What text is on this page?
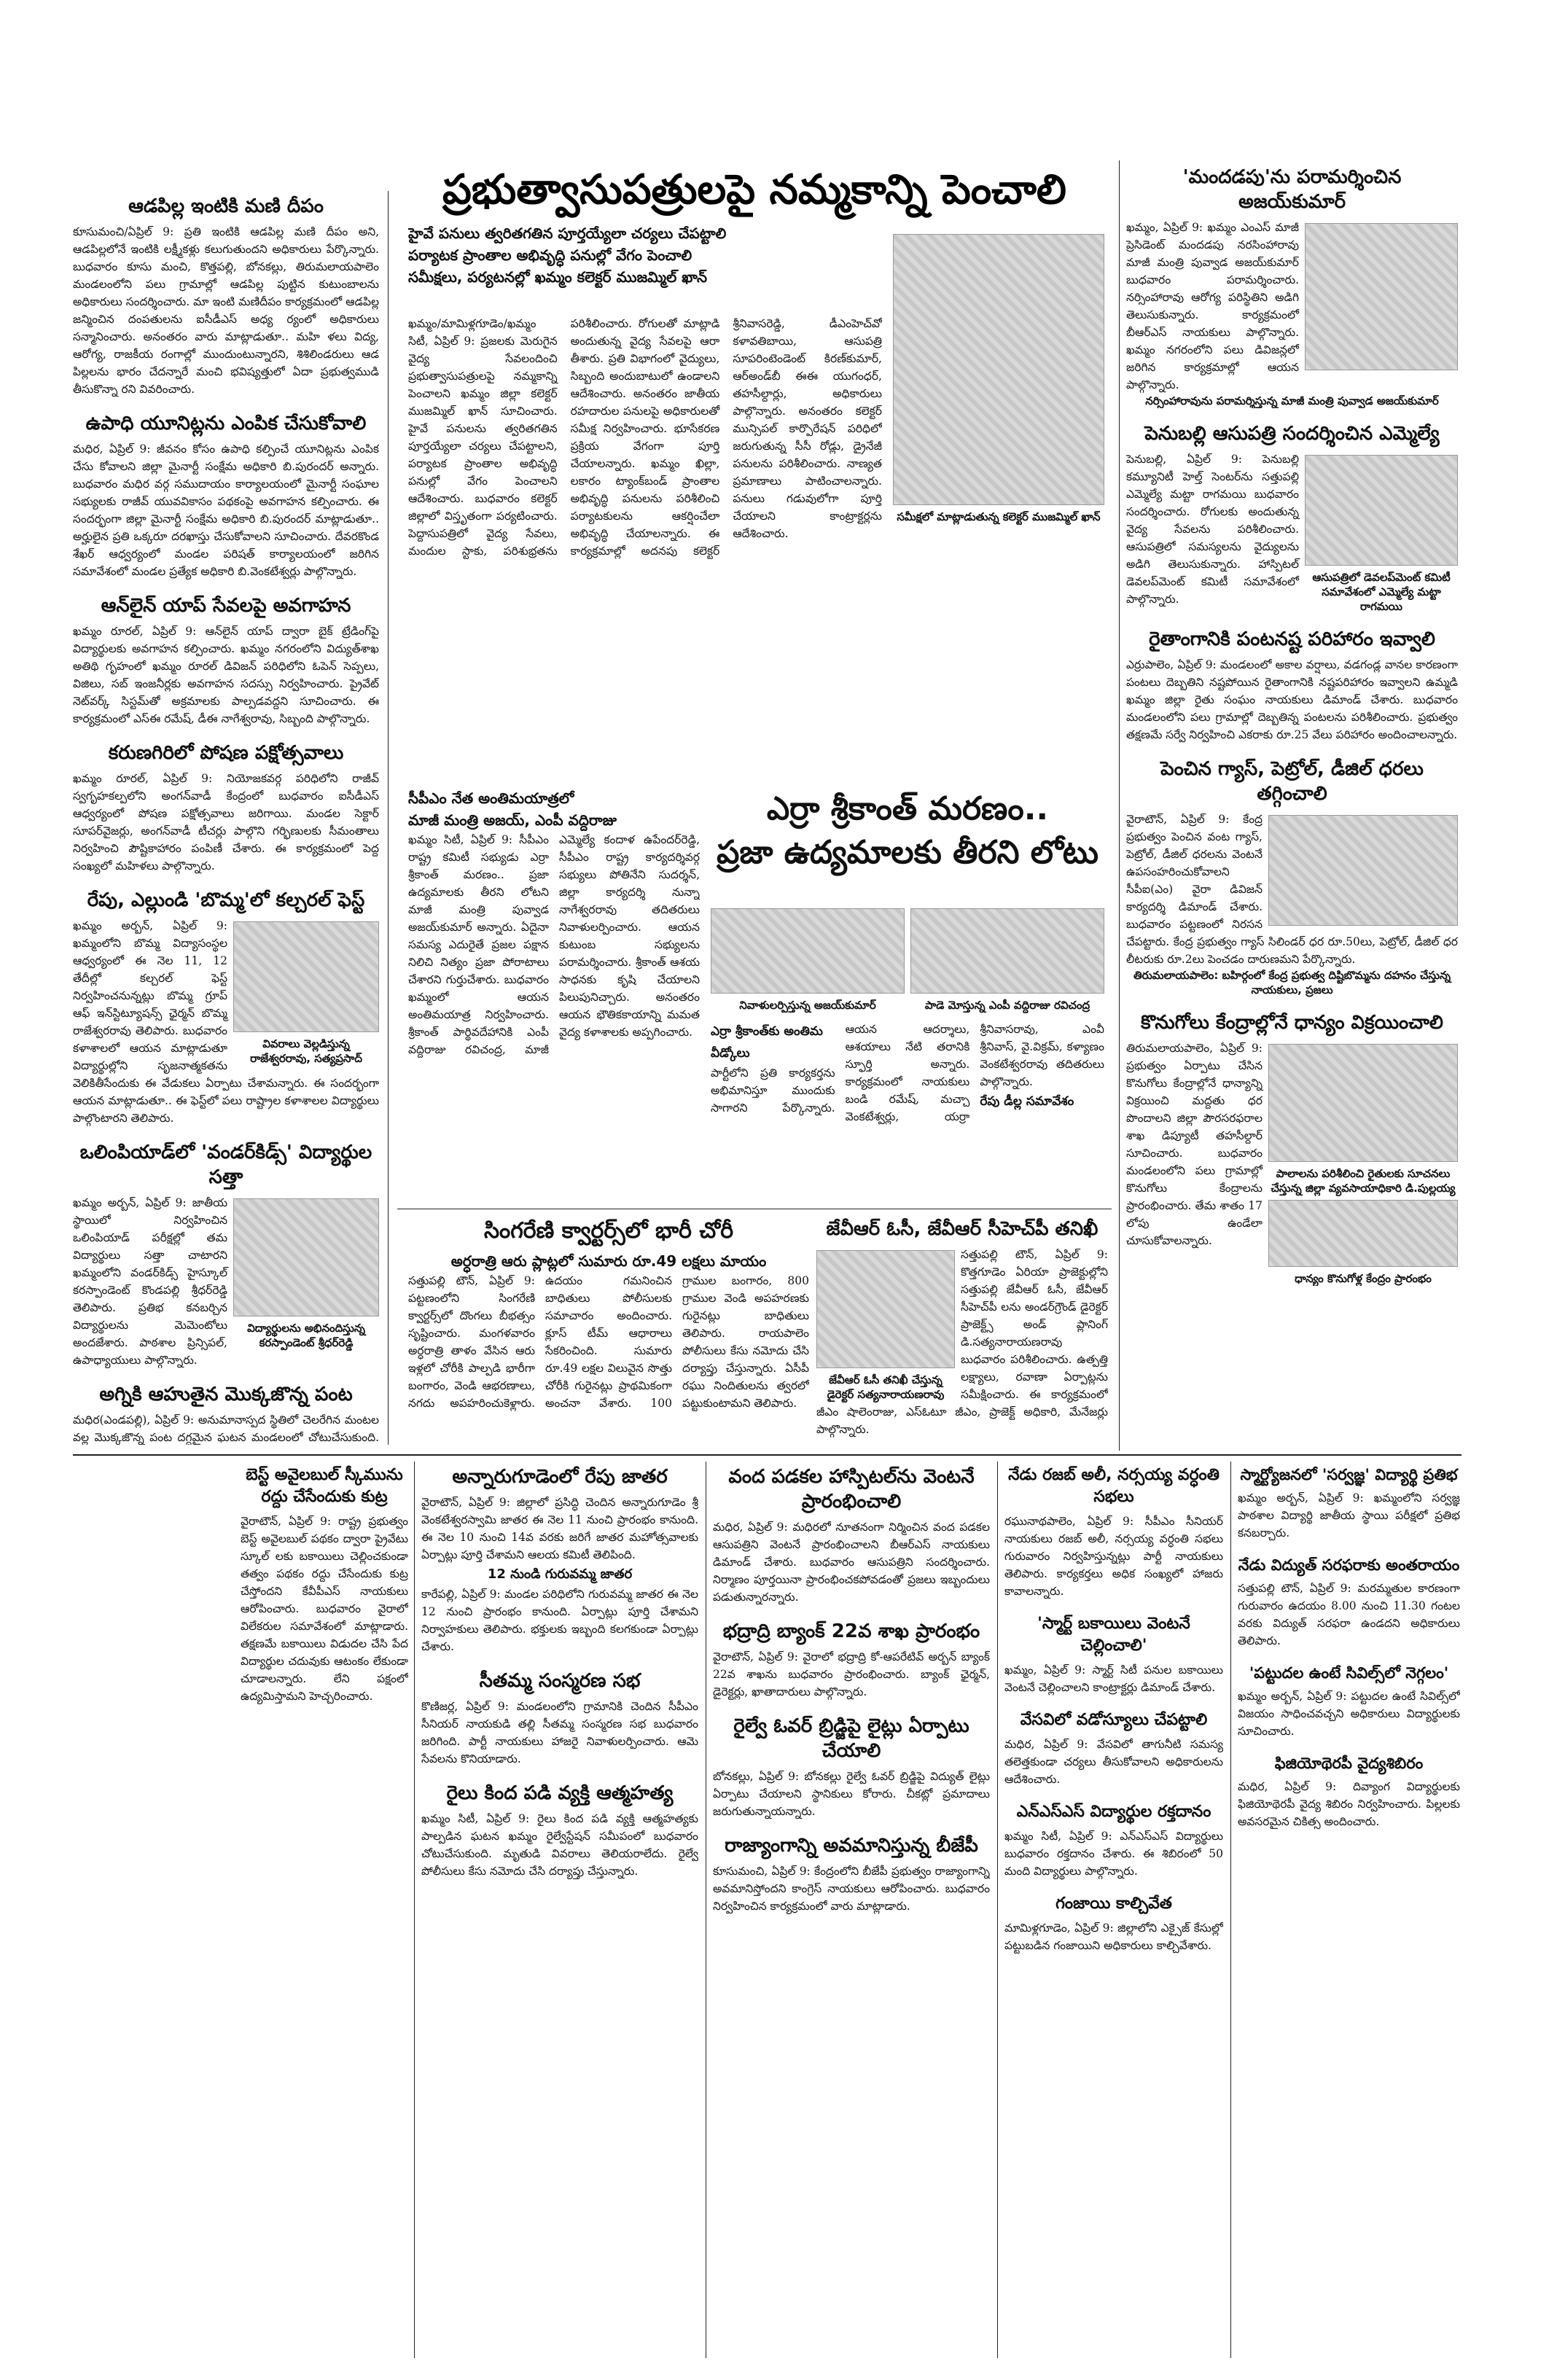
ఆడపిల్ల ఇంటికి మణి దీపం
కూసుమంచి/ఏప్రిల్ 9: ప్రతి ఇంటికి ఆడపిల్ల మణి దీపం అని, ఆడపిల్లలోనే ఇంటికి లక్ష్మీకళ్లు కలుగుతుందని అధికారులు పేర్కొన్నారు. బుధవారం కూసు మంచి, కొత్తపల్లి, బోనకల్లు, తిరుమలాయపాలెం మండలంలోని పలు గ్రామాల్లో ఆడపిల్ల పుట్టిన కుటుంబాలను అధికారులు సందర్శించారు. మా ఇంటి మణిదీపం కార్యక్రమంలో ఆడపిల్ల జన్మించిన దంపతులను ఐసీడీఎస్ అధ్య ర్యంలో అధికారులు సన్మానించారు. అనంతరం వారు మాట్లాడుతూ.. మహి ళలు విద్య, ఆరోగ్య, రాజకీయ రంగాల్లో ముందుంటున్నారని, శిశిలిండరులు ఆడ పిల్లలను భారం చేదన్నారే మంచి భవిష్యత్తులో ఏదా ప్రభుత్వముడి తీసుకొన్నా రని వివరించారు.
ఉపాధి యూనిట్లను ఎంపిక చేసుకోవాలి
మధిర, ఏప్రిల్ 9: జీవనం కోసం ఉపాధి కల్పించే యూనిట్లను ఎంపిక చేసు కోవాలని జిల్లా మైనార్టీ సంక్షేమ అధికారి బి.పురందర్ అన్నారు. బుధవారం మధిర వర్గ సముదాయం కార్యాలయంలో మైనార్టీ సంఘాల సభ్యులకు రాజీవ్ యువవికాసం పథకంపై అవగాహన కల్పించారు. ఈ సందర్భంగా జిల్లా మైనార్టీ సంక్షేమ అధికారి బి.పురందర్ మాట్లాడుతూ.. అర్హులైన ప్రతి ఒక్కరూ దరఖాస్తు చేసుకోవాలని సూచించారు. దేవరకొండ శేఖర్ ఆధ్వర్యంలో మండల పరిషత్ కార్యాలయంలో జరిగిన సమావేశంలో మండల ప్రత్యేక అధికారి బి.వెంకటేశ్వర్లు పాల్గొన్నారు.
ఆన్‌లైన్ యాప్ సేవలపై అవగాహన
ఖమ్మం రూరల్, ఏప్రిల్ 9: ఆన్‌లైన్ యాప్ ద్వారా బైక్ ట్రేడింగ్‌పై విద్యార్థులకు అవగాహన కల్పించారు. ఖమ్మం నగరంలోని విద్యుత్‌శాఖ అతిథి గృహంలో ఖమ్మం రూరల్ డివిజన్ పరిధిలోని ఓపెన్ సెప్పలు, విజిలు, సబ్ ఇంజనీర్లకు అవగాహన సదస్సు నిర్వహించారు. ప్రైవేట్ నెట్‌వర్క్ సిస్టమ్‌తో అక్రమాలకు పాల్పడవద్దని సూచించారు. ఈ కార్యక్రమంలో ఎస్ఈ రమేష్, డీఈ నాగేశ్వరావు, సిబ్బంది పాల్గొన్నారు.
కరుణగిరిలో పోషణ పక్షోత్సవాలు
ఖమ్మం రూరల్, ఏప్రిల్ 9: నియోజకవర్గ పరిధిలోని రాజీవ్ స్వగృహకల్పలోని అంగన్‌వాడీ కేంద్రంలో బుధవారం ఐసీడీఎస్ ఆధ్వర్యంలో పోషణ పక్షోత్సవాలు జరిగాయి. మండల సెక్టార్ సూపర్‌వైజర్లు, అంగన్‌వాడీ టీచర్లు పాల్గొని గర్భిణులకు సీమంతాలు నిర్వహించి పౌష్టికాహారం పంపిణీ చేశారు. ఈ కార్యక్రమంలో పెద్ద సంఖ్యలో మహిళలు పాల్గొన్నారు.
రేపు, ఎల్లుండి 'బొమ్మ'లో కల్చరల్ ఫెస్ట్
వివరాలు వెల్లడిస్తున్న రాజేశ్వరరావు, సత్యప్రసాద్
ఖమ్మం అర్బన్, ఏప్రిల్ 9: ఖమ్మంలోని బొమ్మ విద్యాసంస్థల ఆధ్వర్యంలో ఈ నెల 11, 12 తేదీల్లో కల్చరల్ ఫెస్ట్ నిర్వహించనున్నట్లు బొమ్మ గ్రూప్ ఆఫ్ ఇన్‌స్టిట్యూషన్స్ ఛైర్మన్ బొమ్మ రాజేశ్వరరావు తెలిపారు. బుధవారం కళాశాలలో ఆయన మాట్లాడుతూ విద్యార్థుల్లోని సృజనాత్మకతను వెలికితీసేందుకు ఈ వేడుకలు ఏర్పాటు చేశామన్నారు. ఈ సందర్భంగా ఆయన మాట్లాడుతూ.. ఈ ఫెస్ట్‌లో పలు రాష్ట్రాల కళాశాలల విద్యార్థులు పాల్గొంటారని తెలిపారు.
ఒలింపియాడ్‌లో 'వండర్‌కిడ్స్' విద్యార్థుల సత్తా
విద్యార్థులను అభినందిస్తున్న కరస్పాండెంట్ శ్రీధర్‌రెడ్డి
ఖమ్మం అర్బన్, ఏప్రిల్ 9: జాతీయ స్థాయిలో నిర్వహించిన ఒలింపియాడ్ పరీక్షల్లో తమ విద్యార్థులు సత్తా చాటారని ఖమ్మంలోని వండర్‌కిడ్స్ హైస్కూల్ కరస్పాండెంట్ కొండపల్లి శ్రీధర్‌రెడ్డి తెలిపారు. ప్రతిభ కనబర్చిన విద్యార్థులను మెమెంటోలు అందజేశారు. పాఠశాల ప్రిన్సిపల్, ఉపాధ్యాయులు పాల్గొన్నారు.
అగ్నికి ఆహుతైన మొక్కజొన్న పంట
మధిర(ఎండపల్లి), ఏప్రిల్ 9: అనుమానాస్పద స్థితిలో చెలరేగిన మంటల వల్ల మొక్కజొన్న పంట దగ్ధమైన ఘటన మండలంలో చోటుచేసుకుంది.
ప్రభుత్వాసుపత్రులపై నమ్మకాన్ని పెంచాలి
హైవే పనులు త్వరితగతిన పూర్తయ్యేలా చర్యలు చేపట్టాలి
పర్యాటక ప్రాంతాల అభివృద్ధి పనుల్లో వేగం పెంచాలి
సమీక్షలు, పర్యటనల్లో ఖమ్మం కలెక్టర్ ముజమ్మిల్ ఖాన్
ఖమ్మం/మామిళ్లగూడెం/ఖమ్మం సిటీ, ఏప్రిల్ 9: ప్రజలకు మెరుగైన వైద్య సేవలందించి ప్రభుత్వాసుపత్రులపై నమ్మకాన్ని పెంచాలని ఖమ్మం జిల్లా కలెక్టర్ ముజమ్మిల్ ఖాన్ సూచించారు. హైవే పనులను త్వరితగతిన పూర్తయ్యేలా చర్యలు చేపట్టాలని, పర్యాటక ప్రాంతాల అభివృద్ధి పనుల్లో వేగం పెంచాలని ఆదేశించారు. బుధవారం కలెక్టర్ జిల్లాలో విస్తృతంగా పర్యటించారు. పెద్దాసుపత్రిలో వైద్య సేవలు, మందుల స్టాకు, పరిశుభ్రతను పరిశీలించారు. రోగులతో మాట్లాడి అందుతున్న వైద్య సేవలపై ఆరా తీశారు. ప్రతి విభాగంలో వైద్యులు, సిబ్బంది అందుబాటులో ఉండాలని ఆదేశించారు. అనంతరం జాతీయ రహదారుల పనులపై అధికారులతో సమీక్ష నిర్వహించారు. భూసేకరణ ప్రక్రియ వేగంగా పూర్తి చేయాలన్నారు. ఖమ్మం ఖిల్లా, లకారం ట్యాంక్‌బండ్ ప్రాంతాల అభివృద్ధి పనులను పరిశీలించి పర్యాటకులను ఆకర్షించేలా అభివృద్ధి చేయాలన్నారు. ఈ కార్యక్రమాల్లో అదనపు కలెక్టర్ శ్రీనివాసరెడ్డి, డీఎంహెచ్‌వో కళావతిబాయి, ఆసుపత్రి సూపరింటెండెంట్ కిరణ్‌కుమార్, ఆర్‌అండ్‌బీ ఈఈ యుగంధర్, తహసీల్దార్లు, అధికారులు పాల్గొన్నారు. అనంతరం కలెక్టర్ మున్సిపల్ కార్పొరేషన్ పరిధిలో జరుగుతున్న సీసీ రోడ్లు, డ్రైనేజీ పనులను పరిశీలించారు. నాణ్యత ప్రమాణాలు పాటించాలన్నారు. పనులు గడువులోగా పూర్తి చేయాలని కాంట్రాక్టర్లను ఆదేశించారు.
సమీక్షలో మాట్లాడుతున్న కలెక్టర్ ముజమ్మిల్ ఖాన్
సీపీఎం నేత అంతిమయాత్రలో
మాజీ మంత్రి అజయ్, ఎంపీ వద్దిరాజు
ఖమ్మం సిటీ, ఏప్రిల్ 9: సీపీఎం రాష్ట్ర కమిటీ సభ్యుడు ఎర్రా శ్రీకాంత్ మరణం.. ప్రజా ఉద్యమాలకు తీరని లోటని మాజీ మంత్రి పువ్వాడ అజయ్‌కుమార్ అన్నారు. ఏదైనా సమస్య ఎదురైతే ప్రజల పక్షాన నిలిచి నిత్యం ప్రజా పోరాటాలు చేశారని గుర్తుచేశారు. బుధవారం ఖమ్మంలో ఆయన అంతిమయాత్ర నిర్వహించారు. శ్రీకాంత్ పార్థివదేహానికి ఎంపీ వద్దిరాజు రవిచంద్ర, మాజీ ఎమ్మెల్యే కందాళ ఉపేందర్‌రెడ్డి, సీపీఎం రాష్ట్ర కార్యదర్శివర్గ సభ్యులు పోతినేని సుదర్శన్, జిల్లా కార్యదర్శి నున్నా నాగేశ్వరరావు తదితరులు నివాళులర్పించారు. ఆయన కుటుంబ సభ్యులను పరామర్శించారు. శ్రీకాంత్ ఆశయ సాధనకు కృషి చేయాలని పిలుపునిచ్చారు. అనంతరం ఆయన భౌతికకాయాన్ని మమత వైద్య కళాశాలకు అప్పగించారు.
ఎర్రా శ్రీకాంత్ మరణం..
ప్రజా ఉద్యమాలకు తీరని లోటు
నివాళులర్పిస్తున్న అజయ్‌కుమార్	పాడె మోస్తున్న ఎంపీ వద్దిరాజు రవిచంద్ర
ఎర్రా శ్రీకాంత్‌కు అంతిమ వీడ్కోలు
పార్టీలోని ప్రతి కార్యకర్తను అభిమానిస్తూ ముందుకు సాగారని పేర్కొన్నారు. ఆయన ఆదర్శాలు, ఆశయాలు నేటి తరానికి స్ఫూర్తి అన్నారు. కార్యక్రమంలో నాయకులు బండి రమేష్, మచ్చా వెంకటేశ్వర్లు, యర్రా శ్రీనివాసరావు, ఎంవీ శ్రీనివాస్, వై.విక్రమ్, కళ్యాణం వెంకటేశ్వరరావు తదితరులు పాల్గొన్నారు.
రేపు డీల్ల సమావేశం
సింగరేణి క్వార్టర్స్‌లో భారీ చోరీ
అర్ధరాత్రి ఆరు ప్లాట్లలో సుమారు రూ.49 లక్షలు మాయం
సత్తుపల్లి టౌన్, ఏప్రిల్ 9: పట్టణంలోని సింగరేణి క్వార్టర్స్‌లో దొంగలు బీభత్సం సృష్టించారు. మంగళవారం అర్ధరాత్రి తాళం వేసిన ఆరు ఇళ్లలో చోరీకి పాల్పడి భారీగా బంగారం, వెండి ఆభరణాలు, నగదు అపహరించుకెళ్లారు. ఉదయం గమనించిన బాధితులు పోలీసులకు సమాచారం అందించారు. క్లూస్ టీమ్ ఆధారాలు సేకరించింది. సుమారు రూ.49 లక్షల విలువైన సొత్తు చోరీకి గురైనట్లు ప్రాథమికంగా అంచనా వేశారు. 100 గ్రాముల బంగారం, 800 గ్రాముల వెండి అపహరణకు గురైనట్లు బాధితులు తెలిపారు. రాయపాలెం పోలీసులు కేసు నమోదు చేసి దర్యాప్తు చేస్తున్నారు. ఏసీపీ రఘు నిందితులను త్వరలో పట్టుకుంటామని తెలిపారు.
జేవీఆర్ ఓసీ, జేవీఆర్ సీహెచ్‌పీ తనిఖీ
జేవీఆర్ ఓసీ తనిఖీ చేస్తున్న డైరెక్టర్ సత్యనారాయణరావు
సత్తుపల్లి టౌన్, ఏప్రిల్ 9: కొత్తగూడెం ఏరియా ప్రాజెక్టుల్లోని సత్తుపల్లి జేవీఆర్ ఓసీ, జేవీఆర్ సీహెచ్‌పీ లను అండర్‌గ్రౌండ్ డైరెక్టర్ ప్రాజెక్ట్స్ అండ్ ప్లానింగ్ డి.సత్యనారాయణరావు బుధవారం పరిశీలించారు. ఉత్పత్తి లక్ష్యాలు, రవాణా ఏర్పాట్లను సమీక్షించారు. ఈ కార్యక్రమంలో జీఎం షాలెంరాజు, ఎస్‌ఓటూ జీఎం, ప్రాజెక్ట్ అధికారి, మేనేజర్లు పాల్గొన్నారు.
'మందడపు'ను పరామర్శించిన అజయ్‌కుమార్
ఖమ్మం, ఏప్రిల్ 9: ఖమ్మం ఎంఎస్ మాజీ ప్రెసిడెంట్ మందడపు నరసింహారావు మాజీ మంత్రి పువ్వాడ అజయ్‌కుమార్ బుధవారం పరామర్శించారు. నర్సింహారావు ఆరోగ్య పరిస్థితిని అడిగి తెలుసుకున్నారు. కార్యక్రమంలో బీఆర్ఎస్ నాయకులు పాల్గొన్నారు. ఖమ్మం నగరంలోని పలు డివిజన్లలో జరిగిన కార్యక్రమాల్లో ఆయన పాల్గొన్నారు.
నర్సింహారావును పరామర్శిస్తున్న మాజీ మంత్రి పువ్వాడ అజయ్‌కుమార్
పెనుబల్లి ఆసుపత్రి సందర్శించిన ఎమ్మెల్యే
ఆసుపత్రిలో డెవలప్‌మెంట్ కమిటీ సమావేశంలో ఎమ్మెల్యే మట్టా రాగమయి
పెనుబల్లి, ఏప్రిల్ 9: పెనుబల్లి కమ్యూనిటీ హెల్త్ సెంటర్‌ను సత్తుపల్లి ఎమ్మెల్యే మట్టా రాగమయి బుధవారం సందర్శించారు. రోగులకు అందుతున్న వైద్య సేవలను పరిశీలించారు. ఆసుపత్రిలో సమస్యలను వైద్యులను అడిగి తెలుసుకున్నారు. హాస్పిటల్ డెవలప్‌మెంట్ కమిటీ సమావేశంలో పాల్గొన్నారు.
రైతాంగానికి పంటనష్ట పరిహారం ఇవ్వాలి
ఎర్రుపాలెం, ఏప్రిల్ 9: మండలంలో అకాల వర్షాలు, వడగండ్ల వానల కారణంగా పంటలు దెబ్బతిని నష్టపోయిన రైతాంగానికి నష్టపరిహారం ఇవ్వాలని ఉమ్మడి ఖమ్మం జిల్లా రైతు సంఘం నాయకులు డిమాండ్ చేశారు. బుధవారం మండలంలోని పలు గ్రామాల్లో దెబ్బతిన్న పంటలను పరిశీలించారు. ప్రభుత్వం తక్షణమే సర్వే నిర్వహించి ఎకరాకు రూ.25 వేలు పరిహారం అందించాలన్నారు.
పెంచిన గ్యాస్, పెట్రోల్, డీజిల్ ధరలు తగ్గించాలి
వైరాటౌన్, ఏప్రిల్ 9: కేంద్ర ప్రభుత్వం పెంచిన వంట గ్యాస్, పెట్రోల్, డీజిల్ ధరలను వెంటనే ఉపసంహరించుకోవాలని సీపీఐ(ఎం) వైరా డివిజన్ కార్యదర్శి డిమాండ్ చేశారు. బుధవారం పట్టణంలో నిరసన చేపట్టారు. కేంద్ర ప్రభుత్వం గ్యాస్ సిలిండర్ ధర రూ.50లు, పెట్రోల్, డీజిల్ ధర లీటరుకు రూ.2లు పెంచడం దారుణమని పేర్కొన్నారు.
తిరుమలాయపాలెం: బహిర్గంలో కేంద్ర ప్రభుత్వ దిష్టిబొమ్మను దహనం చేస్తున్న నాయకులు, ప్రజలు
కొనుగోలు కేంద్రాల్లోనే ధాన్యం విక్రయించాలి
పాలాలను పరిశీలించి రైతులకు సూచనలు చేస్తున్న జిల్లా వ్యవసాయాధికారి డి.పుల్లయ్య
ధాన్యం కొనుగోళ్ల కేంద్రం ప్రారంభం
తిరుమలాయపాలెం, ఏప్రిల్ 9: ప్రభుత్వం ఏర్పాటు చేసిన కొనుగోలు కేంద్రాల్లోనే ధాన్యాన్ని విక్రయించి మద్దతు ధర పొందాలని జిల్లా పౌరసరఫరాల శాఖ డిప్యూటీ తహసీల్దార్ సూచించారు. బుధవారం మండలంలోని పలు గ్రామాల్లో కొనుగోలు కేంద్రాలను ప్రారంభించారు. తేమ శాతం 17 లోపు ఉండేలా చూసుకోవాలన్నారు.
బెస్ట్ అవైలబుల్ స్కీమును రద్దు చేసేందుకు కుట్ర
వైరాటౌన్, ఏప్రిల్ 9: రాష్ట్ర ప్రభుత్వం బెస్ట్ అవైలబుల్ పథకం ద్వారా ప్రైవేటు స్కూల్ లకు బకాయిలు చెల్లించకుండా తత్వం పథకం రద్దు చేసేందుకు కుట్ర చేస్తోందని కేవీపీఎస్ నాయకులు ఆరోపించారు. బుధవారం వైరాలో విలేకరుల సమావేశంలో మాట్లాడారు. తక్షణమే బకాయిలు విడుదల చేసి పేద విద్యార్థుల చదువుకు ఆటంకం లేకుండా చూడాలన్నారు. లేని పక్షంలో ఉద్యమిస్తామని హెచ్చరించారు.
అన్నారుగూడెంలో రేపు జాతర
వైరాటౌన్, ఏప్రిల్ 9: జిల్లాలో ప్రసిద్ధి చెందిన అన్నారుగూడెం శ్రీ వెంకటేశ్వరస్వామి జాతర ఈ నెల 11 నుంచి ప్రారంభం కానుంది. ఈ నెల 10 నుంచి 14వ వరకు జరిగే జాతర మహోత్సవాలకు ఏర్పాట్లు పూర్తి చేశామని ఆలయ కమిటీ తెలిపింది.
12 నుండి గురువమ్మ జాతర
కారేపల్లి, ఏప్రిల్ 9: మండల పరిధిలోని గురువమ్మ జాతర ఈ నెల 12 నుంచి ప్రారంభం కానుంది. ఏర్పాట్లు పూర్తి చేశామని నిర్వాహకులు తెలిపారు. భక్తులకు ఇబ్బంది కలగకుండా ఏర్పాట్లు చేశారు.
సీతమ్మ సంస్మరణ సభ
కొణిజర్ల, ఏప్రిల్ 9: మండలంలోని గ్రామానికి చెందిన సీపీఎం సీనియర్ నాయకుడి తల్లి సీతమ్మ సంస్మరణ సభ బుధవారం జరిగింది. పార్టీ నాయకులు హాజరై నివాళులర్పించారు. ఆమె సేవలను కొనియాడారు.
రైలు కింద పడి వ్యక్తి ఆత్మహత్య
ఖమ్మం సిటీ, ఏప్రిల్ 9: రైలు కింద పడి వ్యక్తి ఆత్మహత్యకు పాల్పడిన ఘటన ఖమ్మం రైల్వేస్టేషన్ సమీపంలో బుధవారం చోటుచేసుకుంది. మృతుడి వివరాలు తెలియరాలేదు. రైల్వే పోలీసులు కేసు నమోదు చేసి దర్యాప్తు చేస్తున్నారు.
వంద పడకల హాస్పిటల్‌ను వెంటనే ప్రారంభించాలి
మధిర, ఏప్రిల్ 9: మధిరలో నూతనంగా నిర్మించిన వంద పడకల ఆసుపత్రిని వెంటనే ప్రారంభించాలని బీఆర్ఎస్ నాయకులు డిమాండ్ చేశారు. బుధవారం ఆసుపత్రిని సందర్శించారు. నిర్మాణం పూర్తయినా ప్రారంభించకపోవడంతో ప్రజలు ఇబ్బందులు పడుతున్నారన్నారు.
భద్రాద్రి బ్యాంక్ 22వ శాఖ ప్రారంభం
వైరాటౌన్, ఏప్రిల్ 9: వైరాలో భద్రాద్రి కో-ఆపరేటివ్ అర్బన్ బ్యాంక్ 22వ శాఖను బుధవారం ప్రారంభించారు. బ్యాంక్ ఛైర్మన్, డైరెక్టర్లు, ఖాతాదారులు పాల్గొన్నారు.
రైల్వే ఓవర్ బ్రిడ్జిపై లైట్లు ఏర్పాటు చేయాలి
బోనకల్లు, ఏప్రిల్ 9: బోనకల్లు రైల్వే ఓవర్ బ్రిడ్జిపై విద్యుత్ లైట్లు ఏర్పాటు చేయాలని స్థానికులు కోరారు. చీకట్లో ప్రమాదాలు జరుగుతున్నాయన్నారు.
రాజ్యాంగాన్ని అవమానిస్తున్న బీజేపీ
కూసుమంచి, ఏప్రిల్ 9: కేంద్రంలోని బీజేపీ ప్రభుత్వం రాజ్యాంగాన్ని అవమానిస్తోందని కాంగ్రెస్ నాయకులు ఆరోపించారు. బుధవారం నిర్వహించిన కార్యక్రమంలో వారు మాట్లాడారు.
నేడు రజబ్ అలీ, నర్సయ్య వర్ధంతి సభలు
రఘునాథపాలెం, ఏప్రిల్ 9: సీపీఎం సీనియర్ నాయకులు రజబ్ అలీ, నర్సయ్య వర్ధంతి సభలు గురువారం నిర్వహిస్తున్నట్లు పార్టీ నాయకులు తెలిపారు. కార్యకర్తలు అధిక సంఖ్యలో హాజరు కావాలన్నారు.
'స్మార్ట్ బకాయిలు వెంటనే చెల్లించాలి'
ఖమ్మం, ఏప్రిల్ 9: స్మార్ట్ సిటీ పనుల బకాయిలు వెంటనే చెల్లించాలని కాంట్రాక్టర్లు డిమాండ్ చేశారు.
వేసవిలో వడోస్యూలు చేపట్టాలి
మధిర, ఏప్రిల్ 9: వేసవిలో తాగునీటి సమస్య తలెత్తకుండా చర్యలు తీసుకోవాలని అధికారులను ఆదేశించారు.
ఎన్ఎస్ఎస్ విద్యార్థుల రక్తదానం
ఖమ్మం సిటీ, ఏప్రిల్ 9: ఎన్ఎస్ఎస్ విద్యార్థులు బుధవారం రక్తదానం చేశారు. ఈ శిబిరంలో 50 మంది విద్యార్థులు పాల్గొన్నారు.
గంజాయి కాల్చివేత
మామిళ్లగూడెం, ఏప్రిల్ 9: జిల్లాలోని ఎక్సైజ్ కేసుల్లో పట్టుబడిన గంజాయిని అధికారులు కాల్చివేశారు.
స్మార్ట్యోజనలో 'సర్వజ్ఞ' విద్యార్థి ప్రతిభ
ఖమ్మం అర్బన్, ఏప్రిల్ 9: ఖమ్మంలోని సర్వజ్ఞ పాఠశాల విద్యార్థి జాతీయ స్థాయి పరీక్షలో ప్రతిభ కనబర్చారు.
నేడు విద్యుత్ సరఫరాకు అంతరాయం
సత్తుపల్లి టౌన్, ఏప్రిల్ 9: మరమ్మతుల కారణంగా గురువారం ఉదయం 8.00 నుంచి 11.30 గంటల వరకు విద్యుత్ సరఫరా ఉండదని అధికారులు తెలిపారు.
'పట్టుదల ఉంటే సివిల్స్‌లో నెగ్గలం'
ఖమ్మం అర్బన్, ఏప్రిల్ 9: పట్టుదల ఉంటే సివిల్స్‌లో విజయం సాధించవచ్చని అధికారులు విద్యార్థులకు సూచించారు.
ఫిజియోథెరపీ వైద్యశిబిరం
మధిర, ఏప్రిల్ 9: దివ్యాంగ విద్యార్థులకు ఫిజియోథెరపీ వైద్య శిబిరం నిర్వహించారు. పిల్లలకు అవసరమైన చికిత్స అందించారు.
